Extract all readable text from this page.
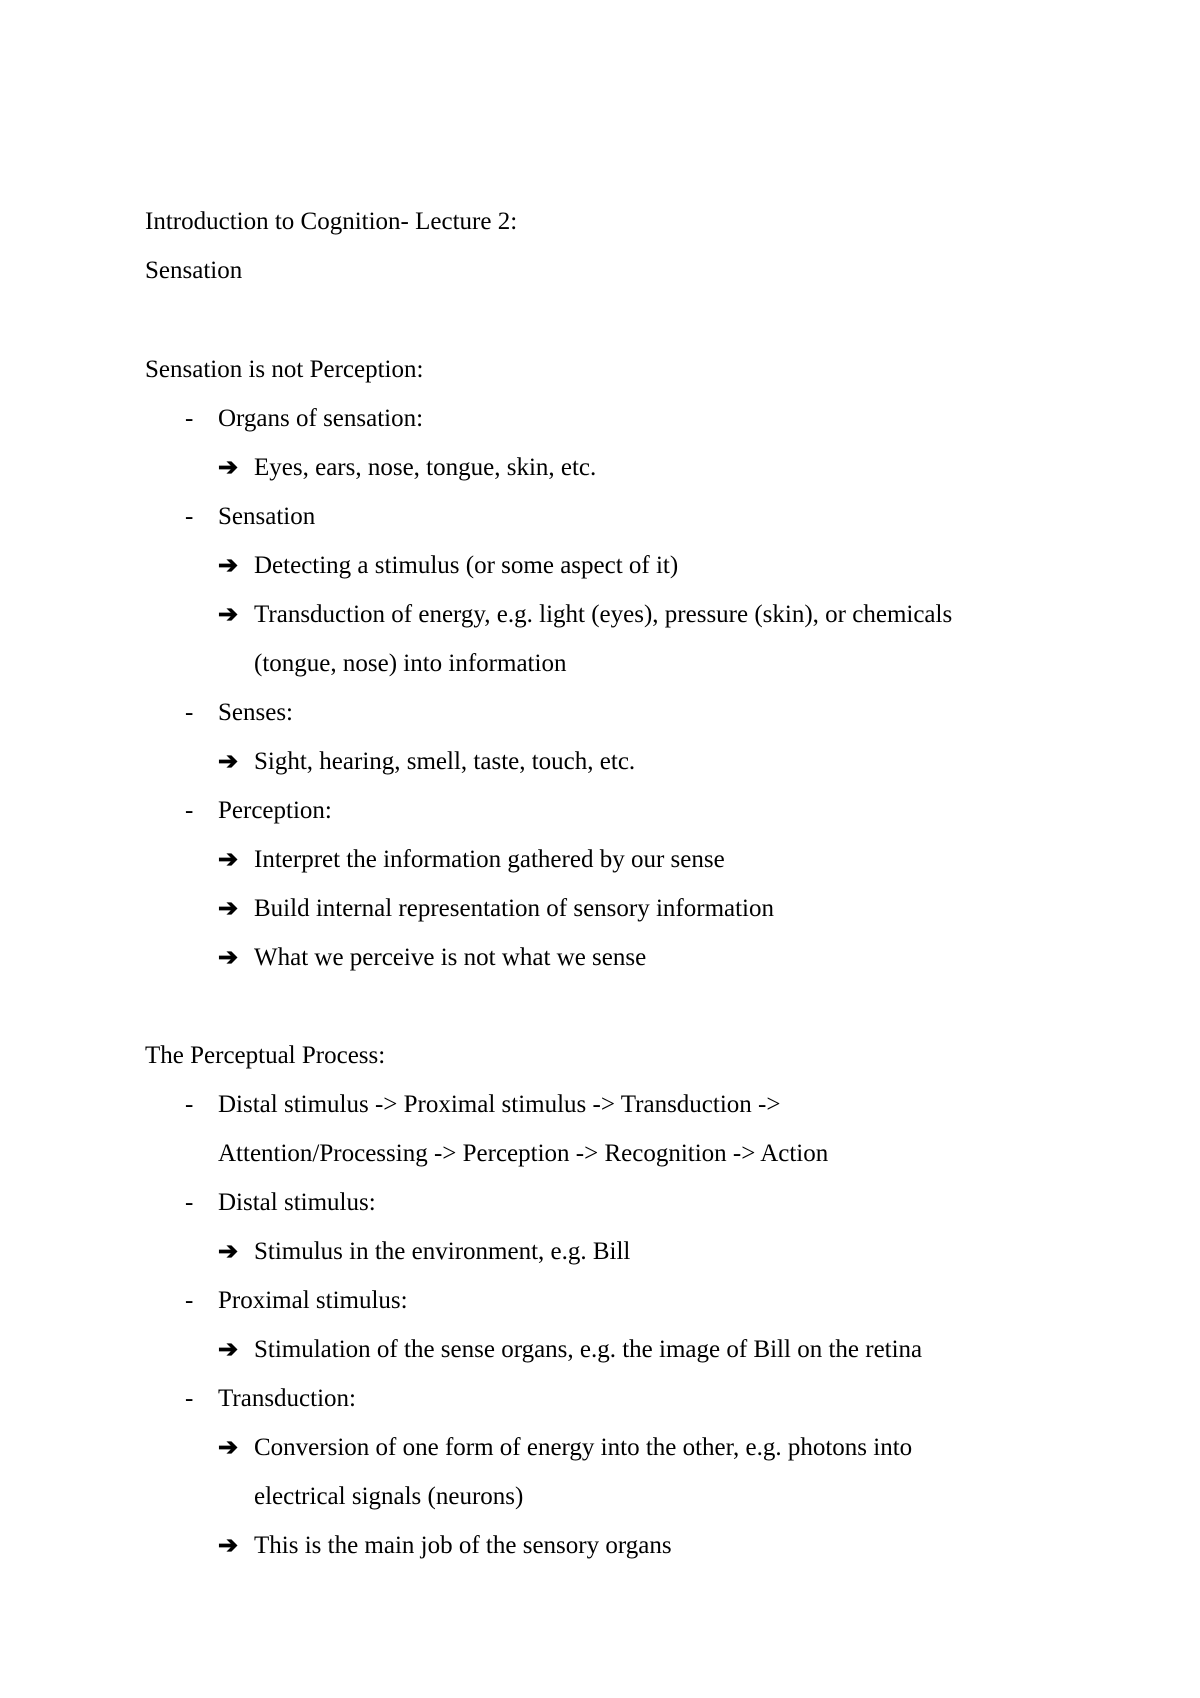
Introduction to Cognition- Lecture 2:
Sensation
Sensation is not Perception:
- Organs of sensation:
➔ Eyes, ears, nose, tongue, skin, etc.
- Sensation
➔ Detecting a stimulus (or some aspect of it)
➔ Transduction of energy, e.g. light (eyes), pressure (skin), or chemicals
(tongue, nose) into information
- Senses:
➔ Sight, hearing, smell, taste, touch, etc.
- Perception:
➔ Interpret the information gathered by our sense
➔ Build internal representation of sensory information
➔ What we perceive is not what we sense
The Perceptual Process:
- Distal stimulus -> Proximal stimulus -> Transduction ->
Attention/Processing -> Perception -> Recognition -> Action
- Distal stimulus:
➔ Stimulus in the environment, e.g. Bill
- Proximal stimulus:
➔ Stimulation of the sense organs, e.g. the image of Bill on the retina
- Transduction:
➔ Conversion of one form of energy into the other, e.g. photons into
electrical signals (neurons)
➔ This is the main job of the sensory organs
